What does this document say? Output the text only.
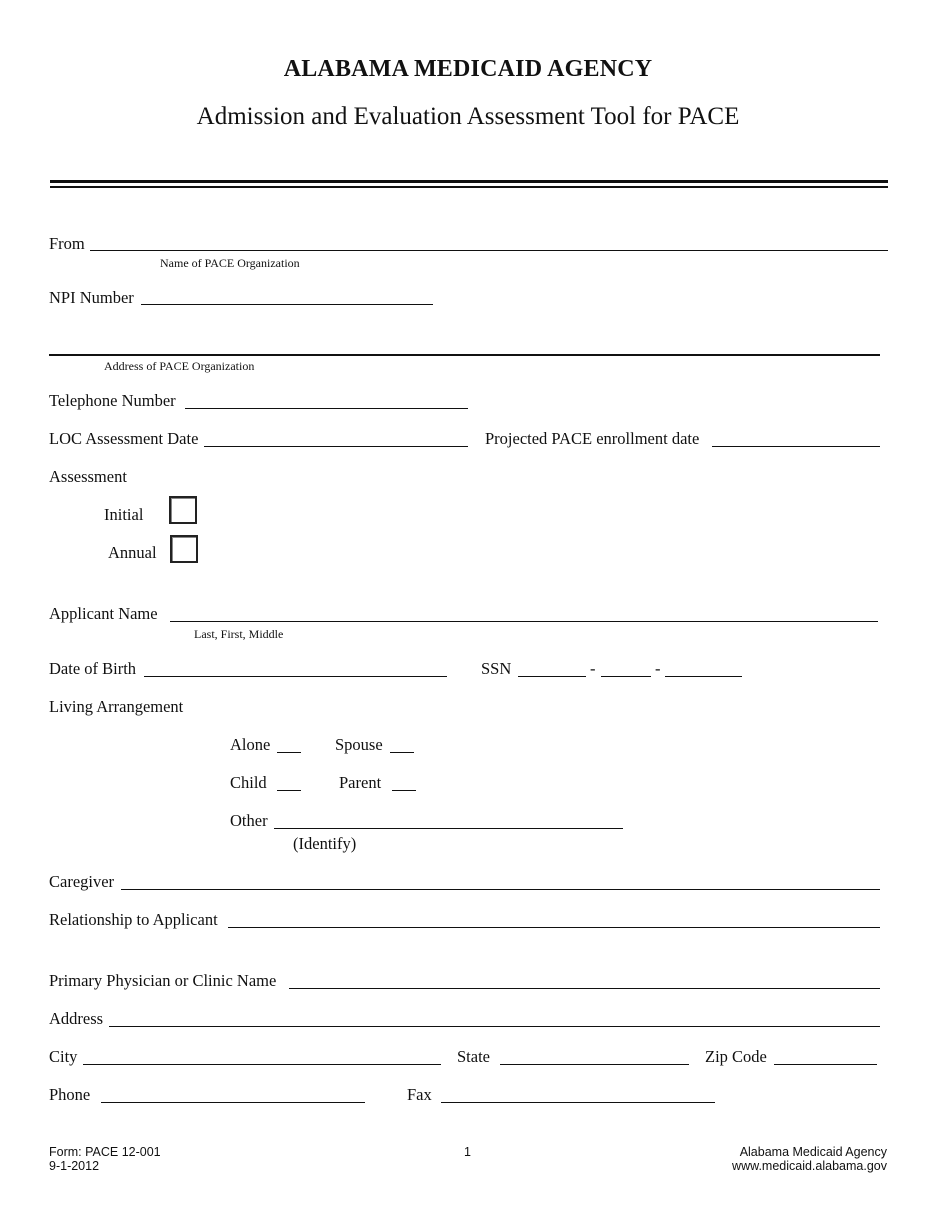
ALABAMA MEDICAID AGENCY
Admission and Evaluation Assessment Tool for PACE
From
Name of PACE Organization
NPI Number
Address of PACE Organization
Telephone Number
LOC Assessment Date	Projected PACE enrollment date
Assessment
Initial
Annual
Applicant Name
Last, First, Middle
Date of Birth	SSN	-	-
Living Arrangement
Alone	Spouse
Child	Parent
Other
(Identify)
Caregiver
Relationship to Applicant
Primary Physician or Clinic Name
Address
City	State	Zip Code
Phone	Fax
Form: PACE 12-001
9-1-2012
1	Alabama Medicaid Agency
www.medicaid.alabama.gov
